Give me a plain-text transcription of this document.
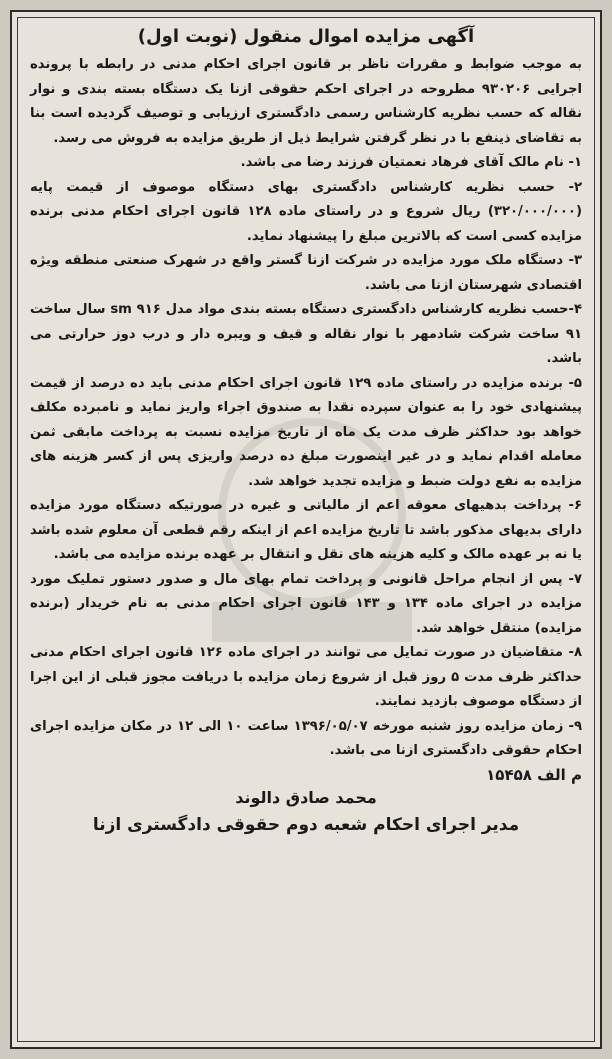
آگهی مزایده اموال منقول (نوبت اول)

به موجب ضوابط و مقررات ناظر بر قانون اجرای احکام مدنی در رابطه با پرونده اجرایی ۹۳۰۲۰۶ مطروحه در اجرای احکم حقوقی ازنا یک دستگاه بسته بندی و نوار نقاله که حسب نظریه کارشناس رسمی دادگستری ارزیابی و توصیف گردیده است بنا به تقاضای ذینفع با در نظر گرفتن شرایط ذیل از طریق مزایده به فروش می رسد.

۱- نام مالک آقای فرهاد نعمتیان فرزند رضا می باشد.

۲- حسب نظریه کارشناس دادگستری بهای دستگاه موصوف از قیمت پایه (۳۲۰/۰۰۰/۰۰۰) ریال شروع و در راستای ماده ۱۲۸ قانون اجرای احکام مدنی برنده مزایده کسی است که بالاترین مبلغ را پیشنهاد نماید.

۳- دستگاه ملک مورد مزایده در شرکت ازنا گستر واقع در شهرک صنعتی منطقه ویژه اقتصادی شهرستان ازنا می باشد.

۴-حسب نظریه کارشناس دادگستری دستگاه بسته بندی مواد مدل sm ۹۱۶ سال ساخت ۹۱ ساخت شرکت شادمهر با نوار نقاله و قیف و ویبره دار و درب دوز حرارتی می باشد.

۵- برنده مزایده در راستای ماده ۱۲۹ قانون اجرای احکام مدنی باید ده درصد از قیمت پیشنهادی خود را به عنوان سپرده نقدا به صندوق اجراء واریز نماید و نامبرده مکلف خواهد بود حداکثر ظرف مدت یک ماه از تاریخ مزایده نسبت به پرداخت مابقی ثمن معامله اقدام نماید و در غیر اینصورت مبلغ ده درصد واریزی پس از کسر هزینه های مزایده به نفع دولت ضبط و مزایده تجدید خواهد شد.

۶- پرداخت بدهیهای معوقه اعم از مالیاتی و غیره در صورتیکه دستگاه مورد مزایده دارای بدیهای مذکور باشد تا تاریخ مزایده اعم از اینکه رقم قطعی آن معلوم شده باشد یا نه بر عهده مالک و کلیه هزینه های نقل و انتقال بر عهده برنده مزایده می باشد.

۷- پس از انجام مراحل قانونی و پرداخت تمام بهای مال و صدور دستور تملیک مورد مزایده در اجرای ماده ۱۳۴ و ۱۴۳ قانون اجرای احکام مدنی به نام خریدار (برنده مزایده) منتقل خواهد شد.

۸- متقاضیان در صورت تمایل می توانند در اجرای ماده ۱۲۶ قانون اجرای احکام مدنی حداکثر ظرف مدت ۵ روز قبل از شروع زمان مزایده با دریافت مجوز قبلی از این اجرا از دستگاه موصوف بازدید نمایند.

۹- زمان مزایده روز شنبه مورخه ۱۳۹۶/۰۵/۰۷ ساعت ۱۰ الی ۱۲ در مکان مزایده اجرای احکام حقوقی دادگستری ازنا می باشد.

م الف ۱۵۴۵۸
محمد صادق دالوند
مدیر اجرای احکام شعبه دوم حقوقی دادگستری ازنا
